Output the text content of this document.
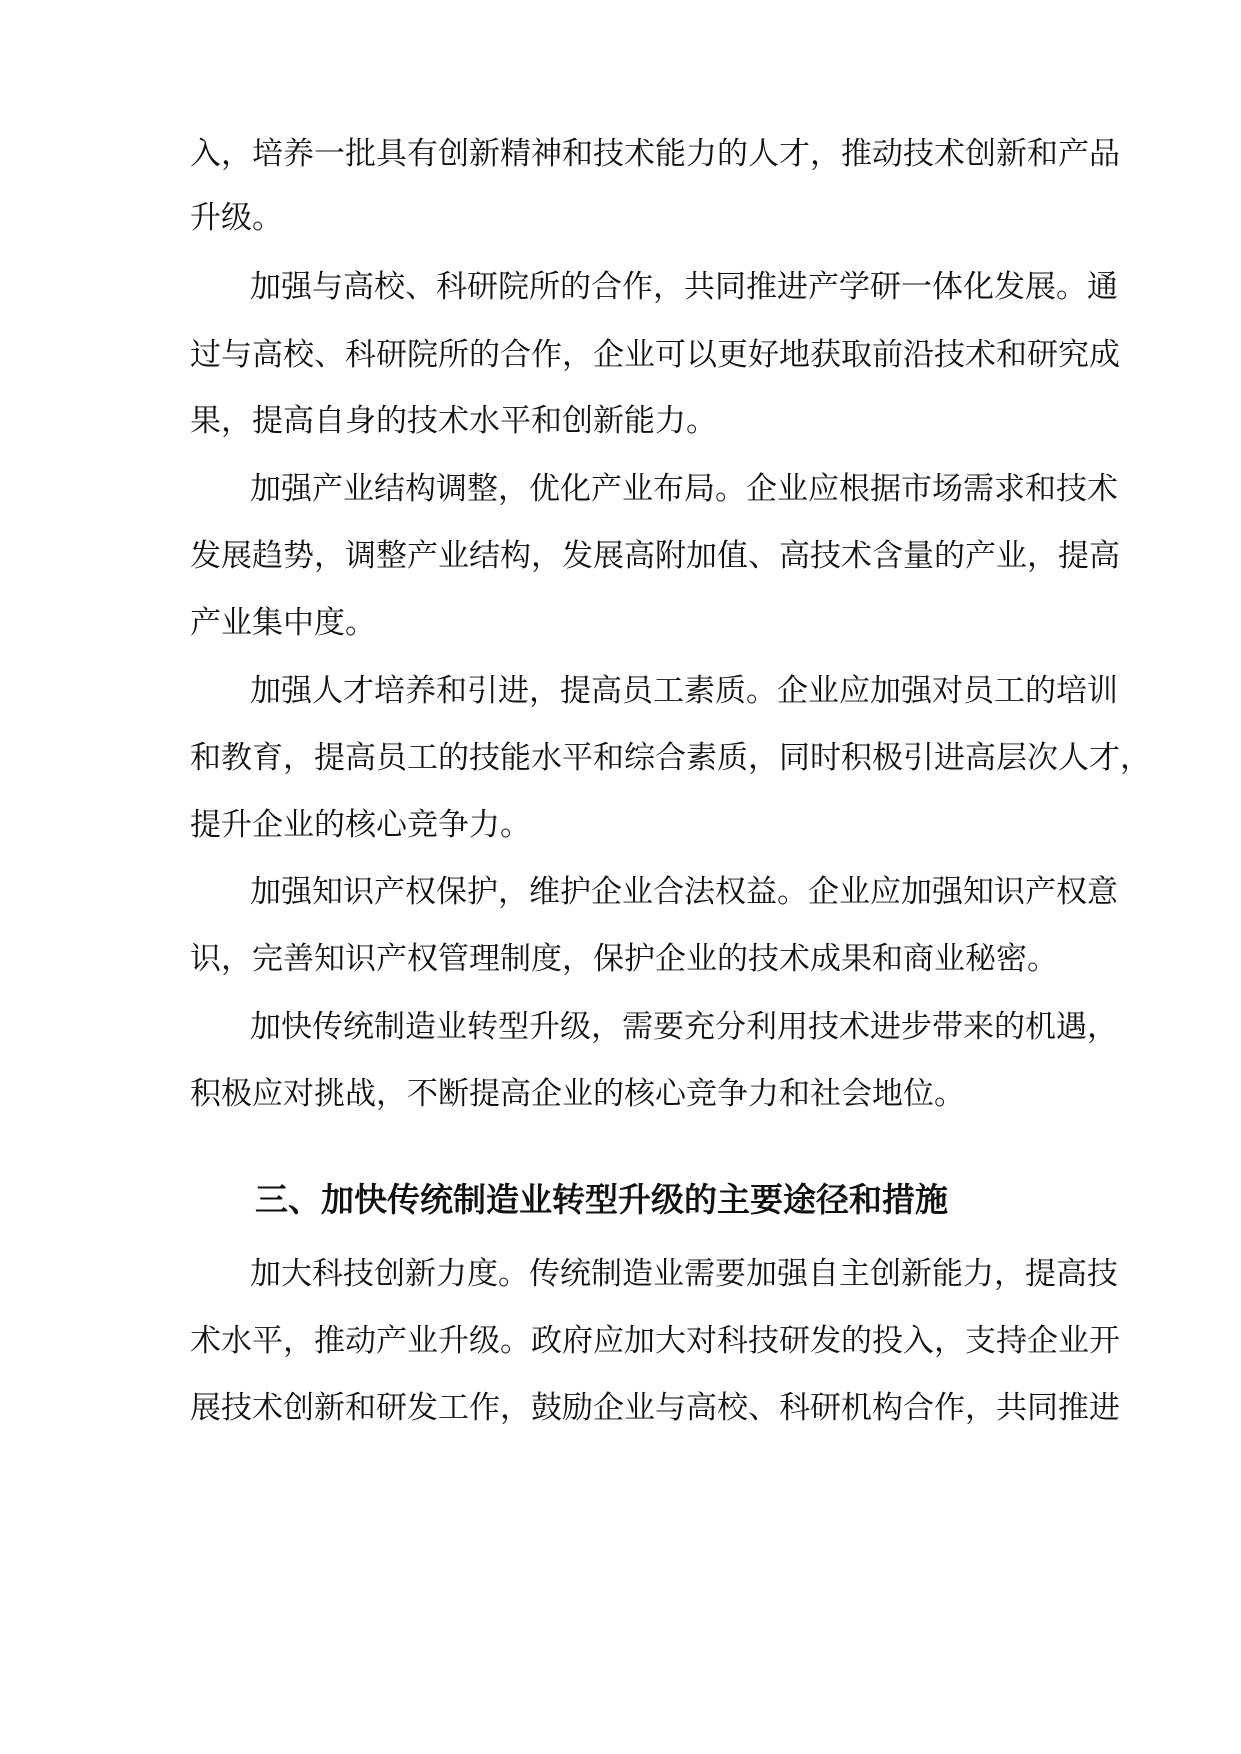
入，培养一批具有创新精神和技术能力的人才，推动技术创新和产品
升级。
加强与高校、科研院所的合作，共同推进产学研一体化发展。通
过与高校、科研院所的合作，企业可以更好地获取前沿技术和研究成
果，提高自身的技术水平和创新能力。
加强产业结构调整，优化产业布局。企业应根据市场需求和技术
发展趋势，调整产业结构，发展高附加值、高技术含量的产业，提高
产业集中度。
加强人才培养和引进，提高员工素质。企业应加强对员工的培训
和教育，提高员工的技能水平和综合素质，同时积极引进高层次人才，
提升企业的核心竞争力。
加强知识产权保护，维护企业合法权益。企业应加强知识产权意
识，完善知识产权管理制度，保护企业的技术成果和商业秘密。
加快传统制造业转型升级，需要充分利用技术进步带来的机遇，
积极应对挑战，不断提高企业的核心竞争力和社会地位。
三、加快传统制造业转型升级的主要途径和措施
加大科技创新力度。传统制造业需要加强自主创新能力，提高技
术水平，推动产业升级。政府应加大对科技研发的投入，支持企业开
展技术创新和研发工作，鼓励企业与高校、科研机构合作，共同推进
